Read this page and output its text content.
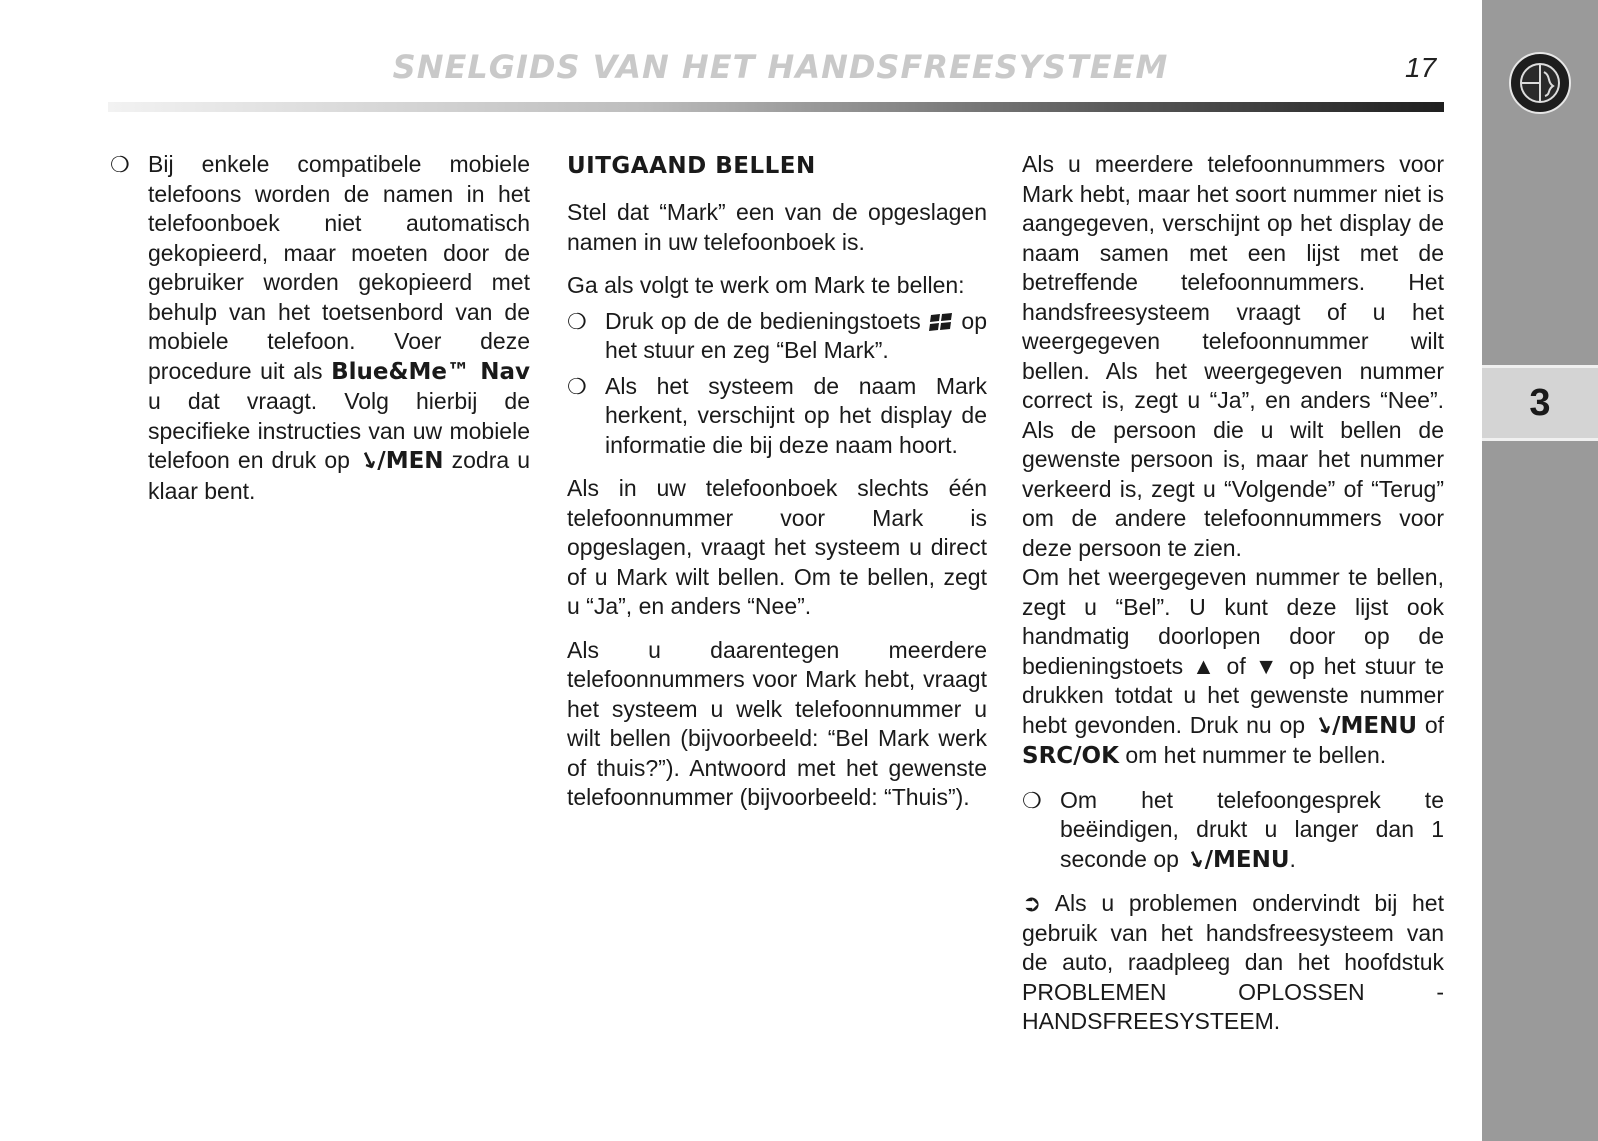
SNELGIDS VAN HET HANDSFREESYSTEEM	17
3
❍ Bij enkele compatibele mobiele telefoons worden de namen in het telefoonboek niet automatisch gekopieerd, maar moeten door de gebruiker worden gekopieerd met behulp van het toetsenbord van de mobiele telefoon. Voer deze procedure uit als Blue&Me™ Nav u dat vraagt. Volg hierbij de specifieke instructies van uw mobiele telefoon en druk op ↘/MEN zodra u klaar bent.
UITGAAND BELLEN

Stel dat “Mark” een van de opgeslagen namen in uw telefoonboek is.

Ga als volgt te werk om Mark te bellen:

❍ Druk op de de bedieningstoets  op het stuur en zeg “Bel Mark”.
❍ Als het systeem de naam Mark herkent, verschijnt op het display de informatie die bij deze naam hoort.

Als in uw telefoonboek slechts één telefoonnummer voor Mark is opgeslagen, vraagt het systeem u direct of u Mark wilt bellen. Om te bellen, zegt u “Ja”, en anders “Nee”.

Als u daarentegen meerdere telefoonnummers voor Mark hebt, vraagt het systeem u welk telefoonnummer u wilt bellen (bijvoorbeeld: “Bel Mark werk of thuis?”). Antwoord met het gewenste telefoonnummer (bijvoorbeeld: “Thuis”).

Als u meerdere telefoonnummers voor Mark hebt, maar het soort nummer niet is aangegeven, verschijnt op het display de naam samen met een lijst met de betreffende telefoonnummers. Het handsfreesysteem vraagt of u het weergegeven telefoonnummer wilt bellen. Als het weergegeven nummer correct is, zegt u “Ja”, en anders “Nee”. Als de persoon die u wilt bellen de gewenste persoon is, maar het nummer verkeerd is, zegt u “Volgende” of “Terug” om de andere telefoonnummers voor deze persoon te zien.

Om het weergegeven nummer te bellen, zegt u “Bel”. U kunt deze lijst ook handmatig doorlopen door op de bedieningstoets ▲ of ▼ op het stuur te drukken totdat u het gewenste nummer hebt gevonden. Druk nu op ↘/MENU of SRC/OK om het nummer te bellen.

❍ Om het telefoongesprek te beëindigen, drukt u langer dan 1 seconde op ↘/MENU.

➲ Als u problemen ondervindt bij het gebruik van het handsfreesysteem van de auto, raadpleeg dan het hoofdstuk PROBLEMEN OPLOSSEN - HANDSFREESYSTEEM.
